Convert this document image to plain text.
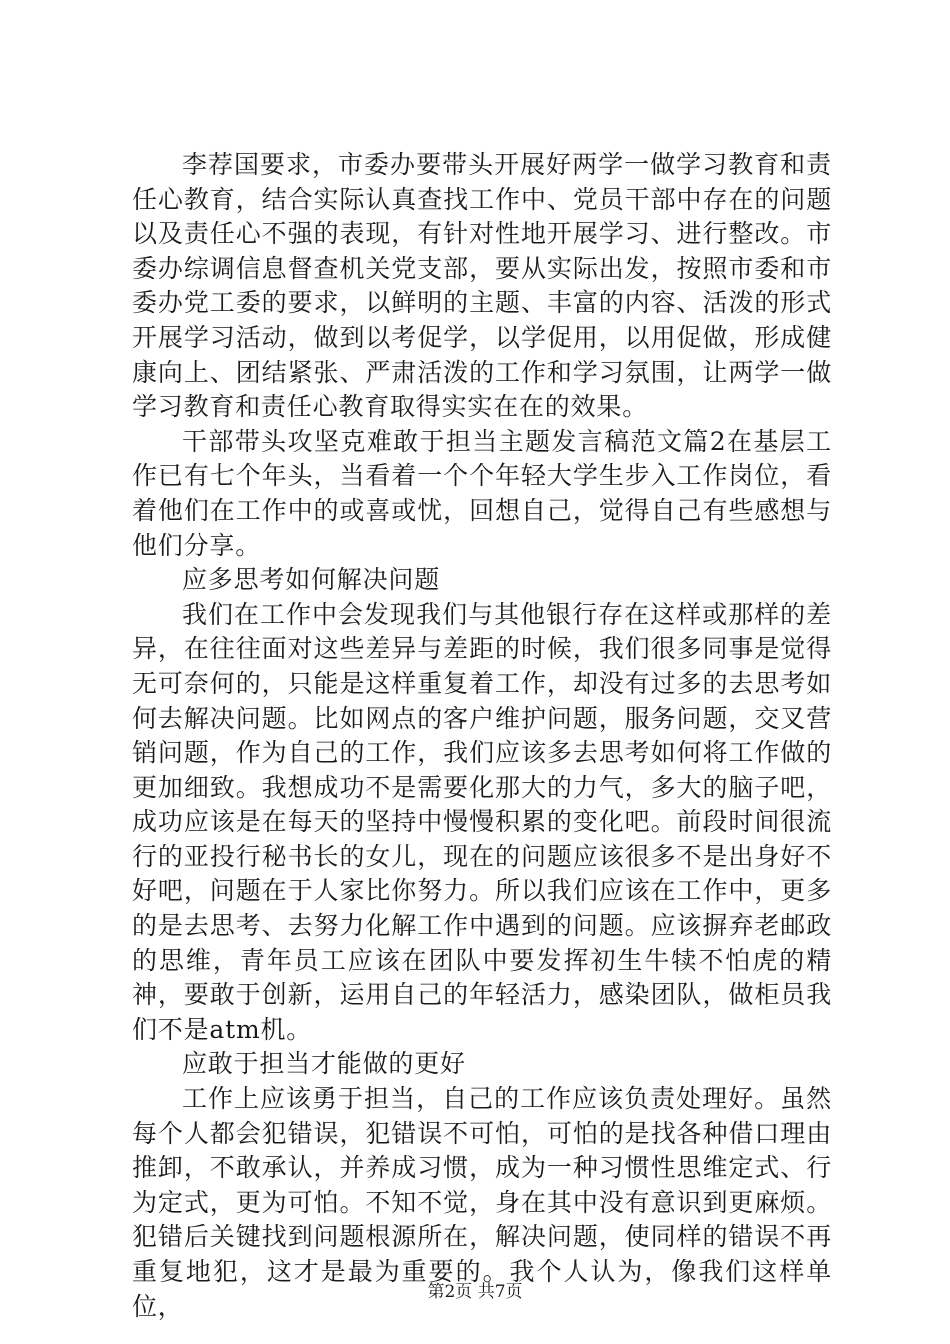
李荐国要求，市委办要带头开展好两学一做学习教育和责任心教育，结合实际认真查找工作中、党员干部中存在的问题以及责任心不强的表现，有针对性地开展学习、进行整改。市委办综调信息督查机关党支部，要从实际出发，按照市委和市委办党工委的要求，以鲜明的主题、丰富的内容、活泼的形式开展学习活动，做到以考促学，以学促用，以用促做，形成健康向上、团结紧张、严肃活泼的工作和学习氛围，让两学一做学习教育和责任心教育取得实实在在的效果。

干部带头攻坚克难敢于担当主题发言稿范文篇2在基层工作已有七个年头，当看着一个个年轻大学生步入工作岗位，看着他们在工作中的或喜或忧，回想自己，觉得自己有些感想与他们分享。

应多思考如何解决问题

我们在工作中会发现我们与其他银行存在这样或那样的差异，在往往面对这些差异与差距的时候，我们很多同事是觉得无可奈何的，只能是这样重复着工作，却没有过多的去思考如何去解决问题。比如网点的客户维护问题，服务问题，交叉营销问题，作为自己的工作，我们应该多去思考如何将工作做的更加细致。我想成功不是需要化那大的力气，多大的脑子吧，成功应该是在每天的坚持中慢慢积累的变化吧。前段时间很流行的亚投行秘书长的女儿，现在的问题应该很多不是出身好不好吧，问题在于人家比你努力。所以我们应该在工作中，更多的是去思考、去努力化解工作中遇到的问题。应该摒弃老邮政的思维，青年员工应该在团队中要发挥初生牛犊不怕虎的精神，要敢于创新，运用自己的年轻活力，感染团队，做柜员我们不是atm机。

应敢于担当才能做的更好

工作上应该勇于担当，自己的工作应该负责处理好。虽然每个人都会犯错误，犯错误不可怕，可怕的是找各种借口理由推卸，不敢承认，并养成习惯，成为一种习惯性思维定式、行为定式，更为可怕。不知不觉，身在其中没有意识到更麻烦。犯错后关键找到问题根源所在，解决问题，使同样的错误不再重复地犯，这才是最为重要的。我个人认为，像我们这样单位，	第2页 共7页
